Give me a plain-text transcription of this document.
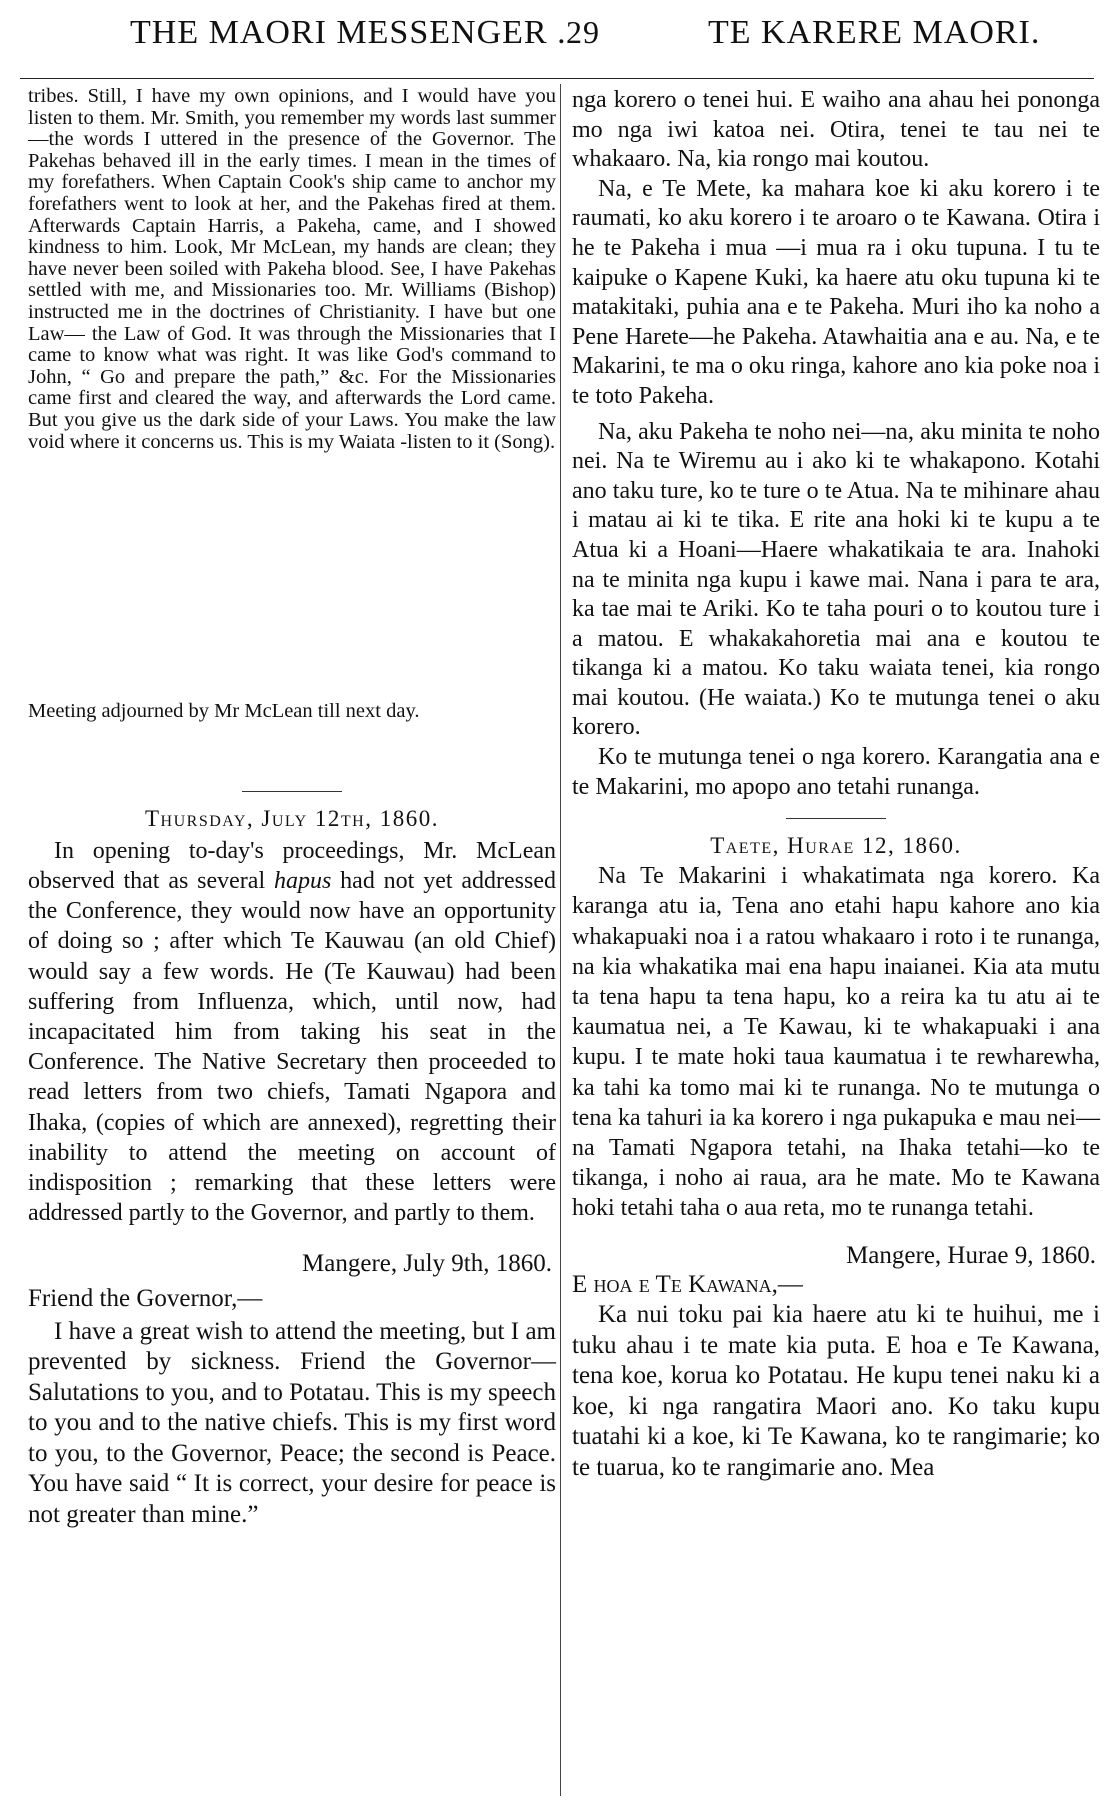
THE MAORI MESSENGER . 29	TE KARERE MAORI.

tribes. Still, I have my own opinions, and I would have you listen to them. Mr. Smith, you remember my words last summer—the words I uttered in the presence of the Governor. The Pakehas behaved ill in the early times. I mean in the times of my forefathers. When Captain Cook's ship came to anchor my forefathers went to look at her, and the Pakehas fired at them. Afterwards Captain Harris, a Pakeha, came, and I showed kindness to him. Look, Mr McLean, my hands are clean; they have never been soiled with Pakeha blood. See, I have Pakehas settled with me, and Missionaries too. Mr. Williams (Bishop) instructed me in the doctrines of Christianity. I have but one Law— the Law of God. It was through the Missionaries that I came to know what was right. It was like God's command to John, “ Go and prepare the path,” &c. For the Missionaries came first and cleared the way, and afterwards the Lord came. But you give us the dark side of your Laws. You make the law void where it concerns us. This is my Waiata -listen to it (Song).

Meeting adjourned by Mr McLean till next day.

Thursday, July 12th, 1860.

In opening to-day's proceedings, Mr. McLean observed that as several hapus had not yet addressed the Conference, they would now have an opportunity of doing so ; after which Te Kauwau (an old Chief) would say a few words. He (Te Kauwau) had been suffering from Influenza, which, until now, had incapacitated him from taking his seat in the Conference. The Native Secretary then proceeded to read letters from two chiefs, Tamati Ngapora and Ihaka, (copies of which are annexed), regretting their inability to attend the meeting on account of indisposition ; remarking that these letters were addressed partly to the Governor, and partly to them.

Mangere, July 9th, 1860.

Friend the Governor,—

I have a great wish to attend the meeting, but I am prevented by sickness. Friend the Governor—Salutations to you, and to Potatau. This is my speech to you and to the native chiefs. This is my first word to you, to the Governor, Peace; the second is Peace. You have said “ It is correct, your desire for peace is not greater than mine.”

nga korero o tenei hui. E waiho ana ahau hei pononga mo nga iwi katoa nei. Otira, tenei te tau nei te whakaaro. Na, kia rongo mai koutou.

Na, e Te Mete, ka mahara koe ki aku korero i te raumati, ko aku korero i te aroaro o te Kawana. Otira i he te Pakeha i mua —i mua ra i oku tupuna. I tu te kaipuke o Kapene Kuki, ka haere atu oku tupuna ki te matakitaki, puhia ana e te Pakeha. Muri iho ka noho a Pene Harete—he Pakeha. Atawhaitia ana e au. Na, e te Makarini, te ma o oku ringa, kahore ano kia poke noa i te toto Pakeha.

Na, aku Pakeha te noho nei—na, aku minita te noho nei. Na te Wiremu au i ako ki te whakapono. Kotahi ano taku ture, ko te ture o te Atua. Na te mihinare ahau i matau ai ki te tika. E rite ana hoki ki te kupu a te Atua ki a Hoani—Haere whakatikaia te ara. Inahoki na te minita nga kupu i kawe mai. Nana i para te ara, ka tae mai te Ariki. Ko te taha pouri o to koutou ture i a matou. E whakakahoretia mai ana e koutou te tikanga ki a matou. Ko taku waiata tenei, kia rongo mai koutou. (He waiata.) Ko te mutunga tenei o aku korero.

Ko te mutunga tenei o nga korero. Karangatia ana e te Makarini, mo apopo ano tetahi runanga.

Taete, Hurae 12, 1860.

Na Te Makarini i whakatimata nga korero. Ka karanga atu ia, Tena ano etahi hapu kahore ano kia whakapuaki noa i a ratou whakaaro i roto i te runanga, na kia whakatika mai ena hapu inaianei. Kia ata mutu ta tena hapu ta tena hapu, ko a reira ka tu atu ai te kaumatua nei, a Te Kawau, ki te whakapuaki i ana kupu. I te mate hoki taua kaumatua i te rewharewha, ka tahi ka tomo mai ki te runanga. No te mutunga o tena ka tahuri ia ka korero i nga pukapuka e mau nei—na Tamati Ngapora tetahi, na Ihaka tetahi—ko te tikanga, i noho ai raua, ara he mate. Mo te Kawana hoki tetahi taha o aua reta, mo te runanga tetahi.

Mangere, Hurae 9, 1860.

E hoa e Te Kawana,—

Ka nui toku pai kia haere atu ki te huihui, me i tuku ahau i te mate kia puta. E hoa e Te Kawana, tena koe, korua ko Potatau. He kupu tenei naku ki a koe, ki nga rangatira Maori ano. Ko taku kupu tuatahi ki a koe, ki Te Kawana, ko te rangimarie; ko te tuarua, ko te rangimarie ano. Mea
